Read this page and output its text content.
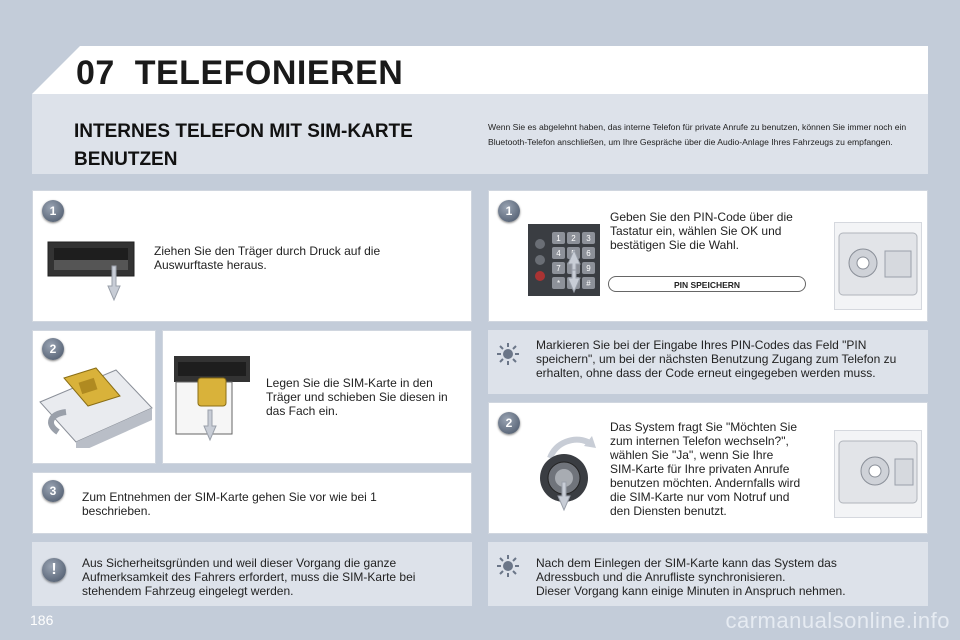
07 TELEFONIEREN
INTERNES TELEFON MIT SIM-KARTE
BENUTZEN
Wenn Sie es abgelehnt haben, das interne Telefon für private Anrufe zu benutzen, können Sie immer noch ein Bluetooth-Telefon anschließen, um Ihre Gespräche über die Audio-Anlage Ihres Fahrzeugs zu empfangen.
1
Ziehen Sie den Träger durch Druck auf die
Auswurftaste heraus.
2
Legen Sie die SIM-Karte in den
Träger und schieben Sie diesen in
das Fach ein.
3	Zum Entnehmen der SIM-Karte gehen Sie vor wie bei 1
beschrieben.
!	Aus Sicherheitsgründen und weil dieser Vorgang die ganze
Aufmerksamkeit des Fahrers erfordert, muss die SIM-Karte bei
stehendem Fahrzeug eingelegt werden.
1
1 2 3
4	6
7	9
*	#
Geben Sie den PIN-Code über die
Tastatur ein, wählen Sie OK und
bestätigen Sie die Wahl.
PIN SPEICHERN
Markieren Sie bei der Eingabe Ihres PIN-Codes das Feld "PIN
speichern", um bei der nächsten Benutzung Zugang zum Telefon zu
erhalten, ohne dass der Code erneut eingegeben werden muss.
2	Das System fragt Sie "Möchten Sie
zum internen Telefon wechseln?",
wählen Sie "Ja", wenn Sie Ihre
SIM-Karte für Ihre privaten Anrufe
benutzen möchten. Andernfalls wird
die SIM-Karte nur vom Notruf und
den Diensten benutzt.
Nach dem Einlegen der SIM-Karte kann das System das
Adressbuch und die Anrufliste synchronisieren.
Dieser Vorgang kann einige Minuten in Anspruch nehmen.
186	carmanualsonline.info
